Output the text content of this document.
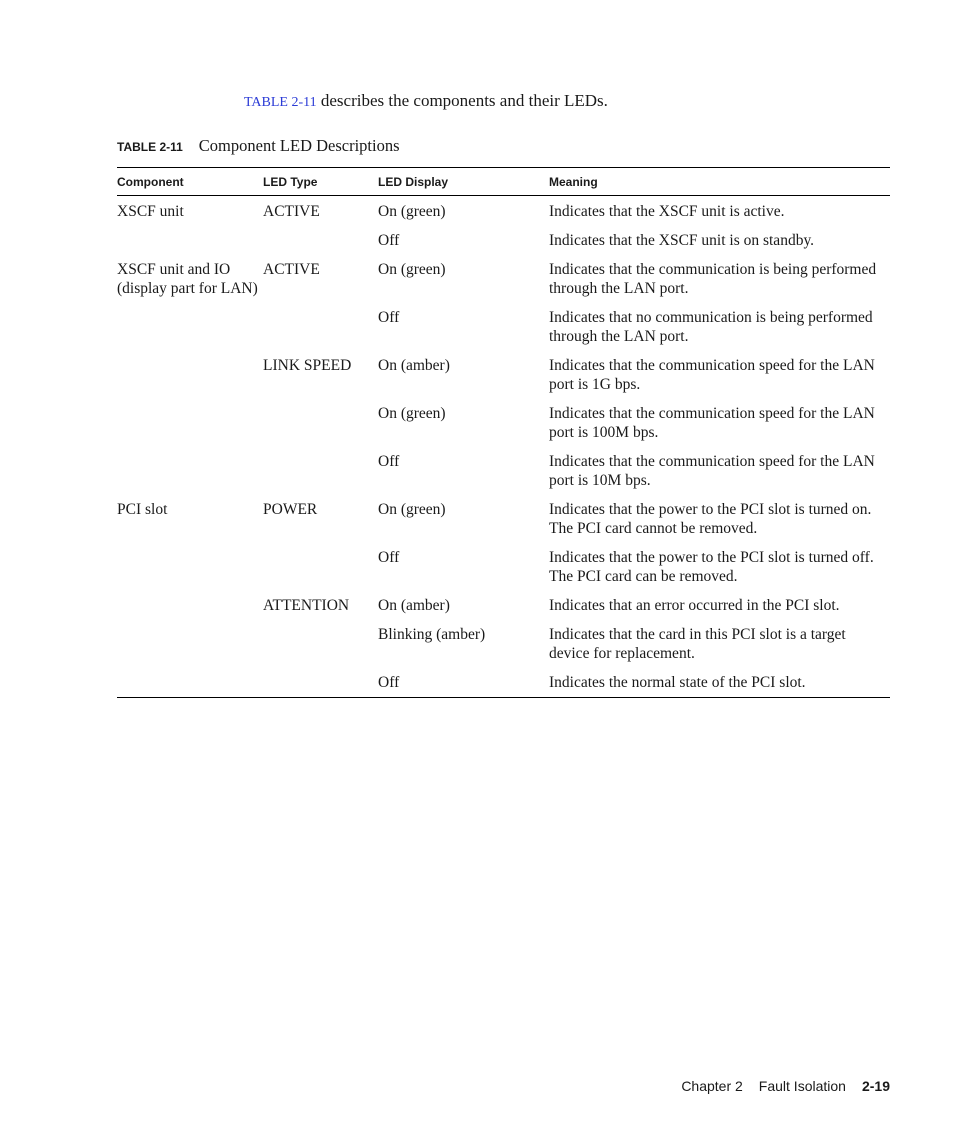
TABLE 2-11 describes the components and their LEDs.
TABLE 2-11 Component LED Descriptions
Component	LED Type	LED Display	Meaning
XSCF unit	ACTIVE	On (green)	Indicates that the XSCF unit is active.
		Off	Indicates that the XSCF unit is on standby.
XSCF unit and IO (display part for LAN)	ACTIVE	On (green)	Indicates that the communication is being performed through the LAN port.
		Off	Indicates that no communication is being performed through the LAN port.
	LINK SPEED	On (amber)	Indicates that the communication speed for the LAN port is 1G bps.
		On (green)	Indicates that the communication speed for the LAN port is 100M bps.
		Off	Indicates that the communication speed for the LAN port is 10M bps.
PCI slot	POWER	On (green)	Indicates that the power to the PCI slot is turned on. The PCI card cannot be removed.
		Off	Indicates that the power to the PCI slot is turned off. The PCI card can be removed.
	ATTENTION	On (amber)	Indicates that an error occurred in the PCI slot.
		Blinking (amber)	Indicates that the card in this PCI slot is a target device for replacement.
		Off	Indicates the normal state of the PCI slot.
Chapter 2 Fault Isolation 2-19
